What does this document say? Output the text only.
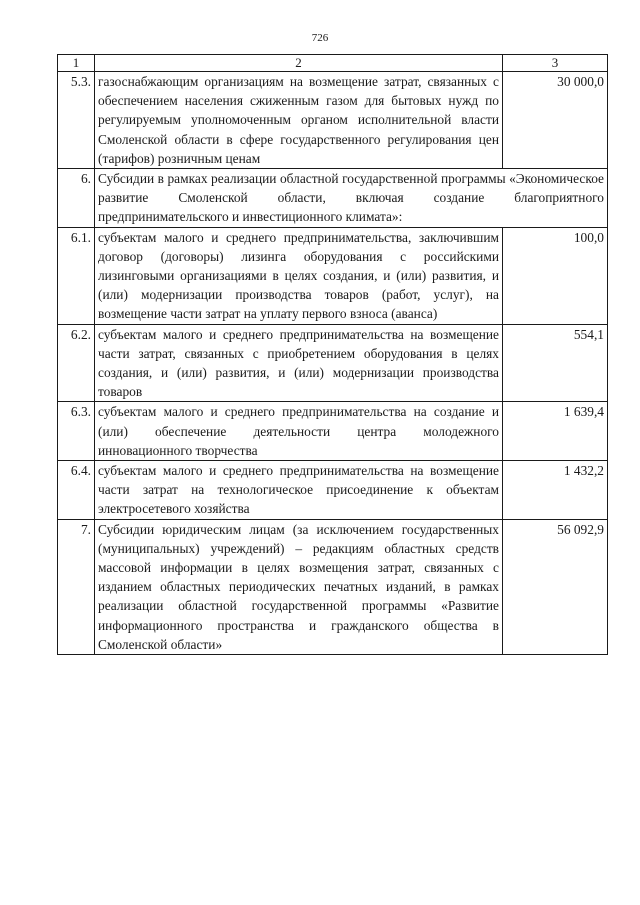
726
1	2	3
5.3.	газоснабжающим организациям на возмещение затрат, связанных с обеспечением населения сжиженным газом для бытовых нужд по регулируемым уполномоченным органом исполнительной власти Смоленской области в сфере государственного регулирования цен (тарифов) розничным ценам	30 000,0
6.	Субсидии в рамках реализации областной государственной программы «Экономическое развитие Смоленской области, включая создание благоприятного предпринимательского и инвестиционного климата»:	
6.1.	субъектам малого и среднего предпринимательства, заключившим договор (договоры) лизинга оборудования с российскими лизинговыми организациями в целях создания, и (или) развития, и (или) модернизации производства товаров (работ, услуг), на возмещение части затрат на уплату первого взноса (аванса)	100,0
6.2.	субъектам малого и среднего предпринимательства на возмещение части затрат, связанных с приобретением оборудования в целях создания, и (или) развития, и (или) модернизации производства товаров	554,1
6.3.	субъектам малого и среднего предпринимательства на создание и (или) обеспечение деятельности центра молодежного инновационного творчества	1 639,4
6.4.	субъектам малого и среднего предпринимательства на возмещение части затрат на технологическое присоединение к объектам электросетевого хозяйства	1 432,2
7.	Субсидии юридическим лицам (за исключением государственных (муниципальных) учреждений) – редакциям областных средств массовой информации в целях возмещения затрат, связанных с изданием областных периодических печатных изданий, в рамках реализации областной государственной программы «Развитие информационного пространства и гражданского общества в Смоленской области»	56 092,9
